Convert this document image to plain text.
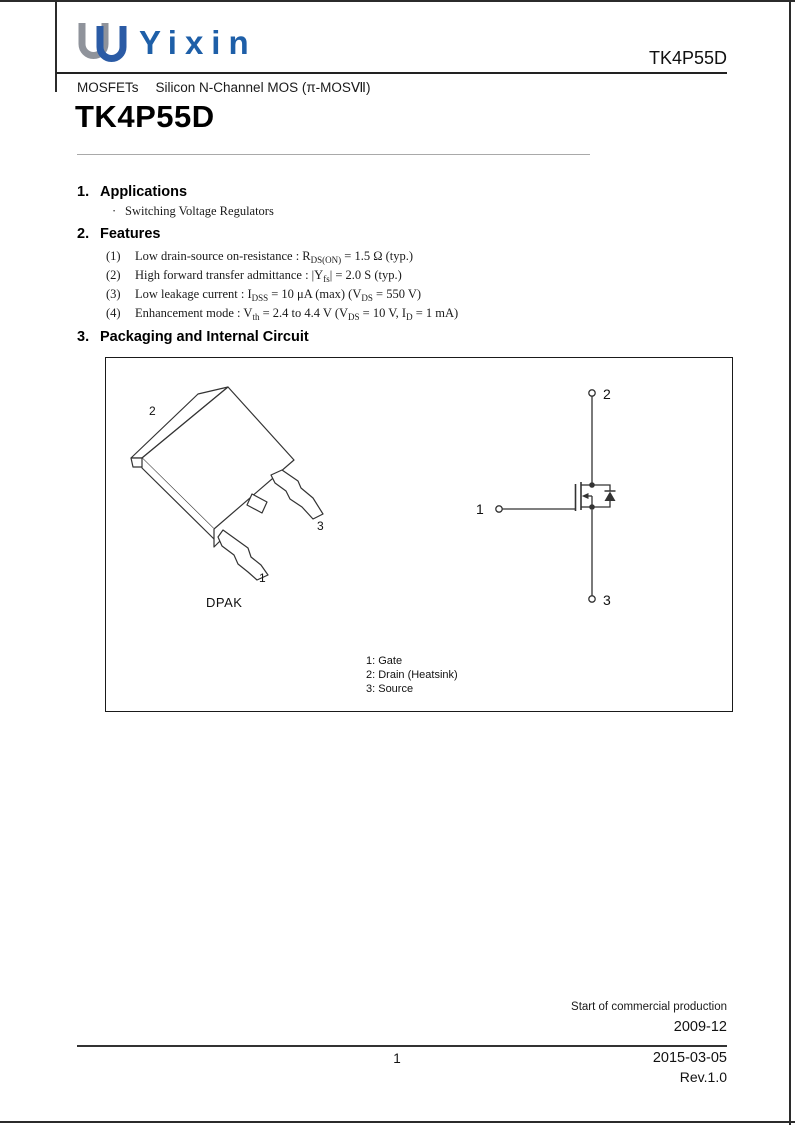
Yixin	TK4P55D
MOSFETs Silicon N-Channel MOS (π-MOSⅦ)
TK4P55D
1. Applications
· Switching Voltage Regulators
2. Features
(1)	Low drain-source on-resistance : $R_{DS(ON)} = 1.5$ Ω (typ.)
(2)	High forward transfer admittance : $|Y_{fs}| = 2.0$ S (typ.)
(3)	Low leakage current : $I_{DSS} = 10$ μA (max) ($V_{DS} = 550$ V)
(4)	Enhancement mode : $V_{th} = 2.4$ to 4.4 V ($V_{DS} = 10$ V, $I_D = 1$ mA)
3. Packaging and Internal Circuit
2
3
1
DPAK
2
1
3
1: Gate
2: Drain (Heatsink)
3: Source
Start of commercial production
2009-12
1	2015-03-05
Rev.1.0
